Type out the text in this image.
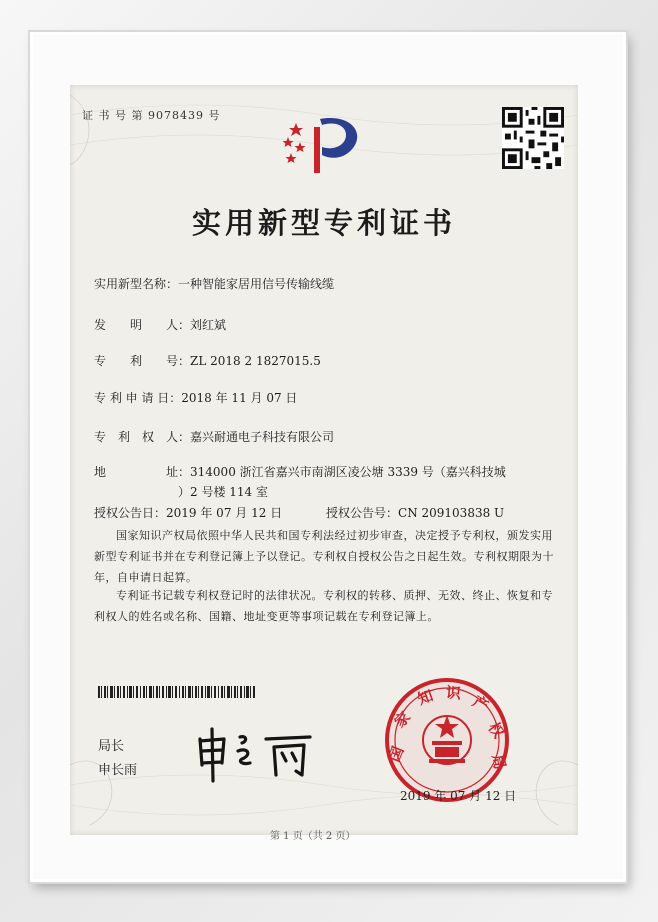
证 书 号 第 9078439 号
实用新型专利证书
实用新型名称：一种智能家居用信号传输线缆
发　　明　　人：刘红斌
专　　利　　号：ZL 2018 2 1827015.5
专 利 申 请 日：2018 年 11 月 07 日
专　利　权　人：嘉兴耐通电子科技有限公司
地　　　　　址：314000 浙江省嘉兴市南湖区凌公塘 3339 号（嘉兴科技城
）2 号楼 114 室
授权公告日：2019 年 07 月 12 日	授权公告号：CN 209103838 U
国家知识产权局依照中华人民共和国专利法经过初步审查，决定授予专利权，颁发实用新型专利证书并在专利登记簿上予以登记。专利权自授权公告之日起生效。专利权期限为十年，自申请日起算。
专利证书记载专利权登记时的法律状况。专利权的转移、质押、无效、终止、恢复和专利权人的姓名或名称、国籍、地址变更等事项记载在专利登记簿上。
局长
申长雨
国
家
知 识 产
权
局
2019 年 07 月 12 日
第 1 页（共 2 页）
